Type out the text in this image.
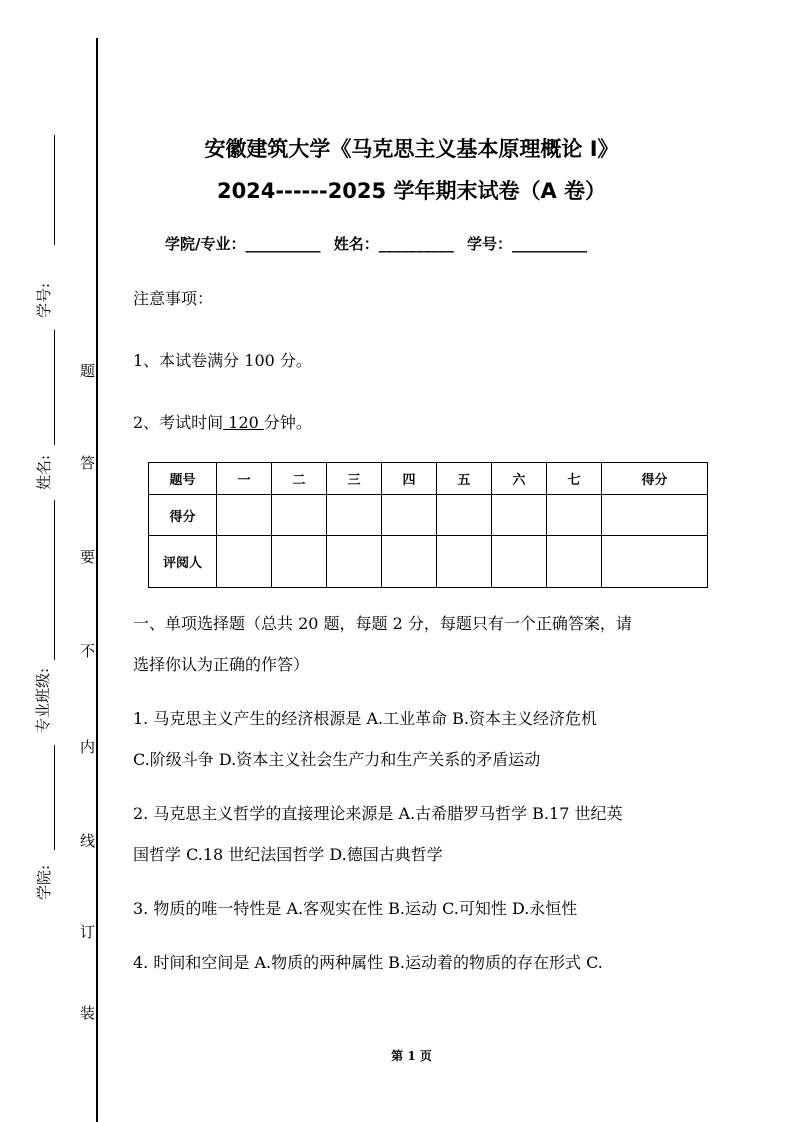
学号:
姓名:
专业班级:
学院:
题
答
要
不
内
线
订
装
安徽建筑大学《马克思主义基本原理概论 I》
2024------2025 学年期末试卷（A 卷）
学院/专业：__________ 姓名：__________ 学号：__________
注意事项：
1、本试卷满分 100 分。
2、考试时间 120 分钟。
题号	一	二	三	四	五	六	七	得分
得分								
评阅人								
一、单项选择题（总共 20 题，每题 2 分，每题只有一个正确答案，请
选择你认为正确的作答）
1. 马克思主义产生的经济根源是 A.工业革命 B.资本主义经济危机
C.阶级斗争 D.资本主义社会生产力和生产关系的矛盾运动
2. 马克思主义哲学的直接理论来源是 A.古希腊罗马哲学 B.17 世纪英
国哲学 C.18 世纪法国哲学 D.德国古典哲学
3. 物质的唯一特性是 A.客观实在性 B.运动 C.可知性 D.永恒性
4. 时间和空间是 A.物质的两种属性 B.运动着的物质的存在形式 C.
第 1 页
